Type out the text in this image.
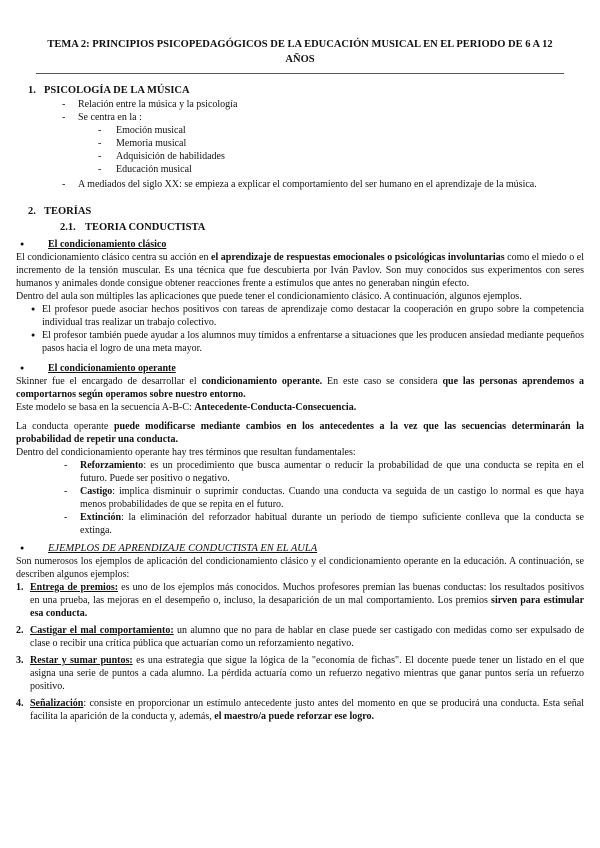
TEMA 2: PRINCIPIOS PSICOPEDAGÓGICOS DE LA EDUCACIÓN MUSICAL EN EL PERIODO DE 6 A 12 AÑOS
1. PSICOLOGÍA DE LA MÚSICA
- Relación entre la música y la psicología
- Se centra en la :
- Emoción musical
- Memoria musical
- Adquisición de habilidades
- Educación musical
- A mediados del siglo XX: se empieza a explicar el comportamiento del ser humano en el aprendizaje de la música.
2. TEORÍAS
2.1. TEORIA CONDUCTISTA
● El condicionamiento clásico

El condicionamiento clásico centra su acción en el aprendizaje de respuestas emocionales o psicológicas involuntarias como el miedo o el incremento de la tensión muscular. Es una técnica que fue descubierta por Iván Pavlov. Son muy conocidos sus experimentos con seres humanos y animales donde consigue obtener reacciones frente a estímulos que antes no generaban ningún efecto.

Dentro del aula son múltiples las aplicaciones que puede tener el condicionamiento clásico. A continuación, algunos ejemplos.

● El profesor puede asociar hechos positivos con tareas de aprendizaje como destacar la cooperación en grupo sobre la competencia individual tras realizar un trabajo colectivo.
● El profesor también puede ayudar a los alumnos muy tímidos a enfrentarse a situaciones que les producen ansiedad mediante pequeños pasos hacia el logro de una meta mayor.
● El condicionamiento operante

Skinner fue el encargado de desarrollar el condicionamiento operante. En este caso se considera que las personas aprendemos a comportarnos según operamos sobre nuestro entorno.

Este modelo se basa en la secuencia A-B-C: Antecedente-Conducta-Consecuencia.

La conducta operante puede modificarse mediante cambios en los antecedentes a la vez que las secuencias determinarán la probabilidad de repetir una conducta.

Dentro del condicionamiento operante hay tres términos que resultan fundamentales:

- Reforzamiento: es un procedimiento que busca aumentar o reducir la probabilidad de que una conducta se repita en el futuro. Puede ser positivo o negativo.
- Castigo: implica disminuir o suprimir conductas. Cuando una conducta va seguida de un castigo lo normal es que haya menos probabilidades de que se repita en el futuro.
- Extinción: la eliminación del reforzador habitual durante un periodo de tiempo suficiente conlleva que la conducta se extinga.
● EJEMPLOS DE APRENDIZAJE CONDUCTISTA EN EL AULA

Son numerosos los ejemplos de aplicación del condicionamiento clásico y el condicionamiento operante en la educación. A continuación, se describen algunos ejemplos:

1. Entrega de premios: es uno de los ejemplos más conocidos. Muchos profesores premian las buenas conductas: los resultados positivos en una prueba, las mejoras en el desempeño o, incluso, la desaparición de un mal comportamiento. Los premios sirven para estimular esa conducta.
2. Castigar el mal comportamiento: un alumno que no para de hablar en clase puede ser castigado con medidas como ser expulsado de clase o recibir una crítica pública que actuarían como un reforzamiento negativo.
3. Restar y sumar puntos: es una estrategia que sigue la lógica de la "economía de fichas". El docente puede tener un listado en el que asigna una serie de puntos a cada alumno. La pérdida actuaría como un refuerzo negativo mientras que ganar puntos sería un refuerzo positivo.
4. Señalización: consiste en proporcionar un estímulo antecedente justo antes del momento en que se producirá una conducta. Esta señal facilita la aparición de la conducta y, además, el maestro/a puede reforzar ese logro.
